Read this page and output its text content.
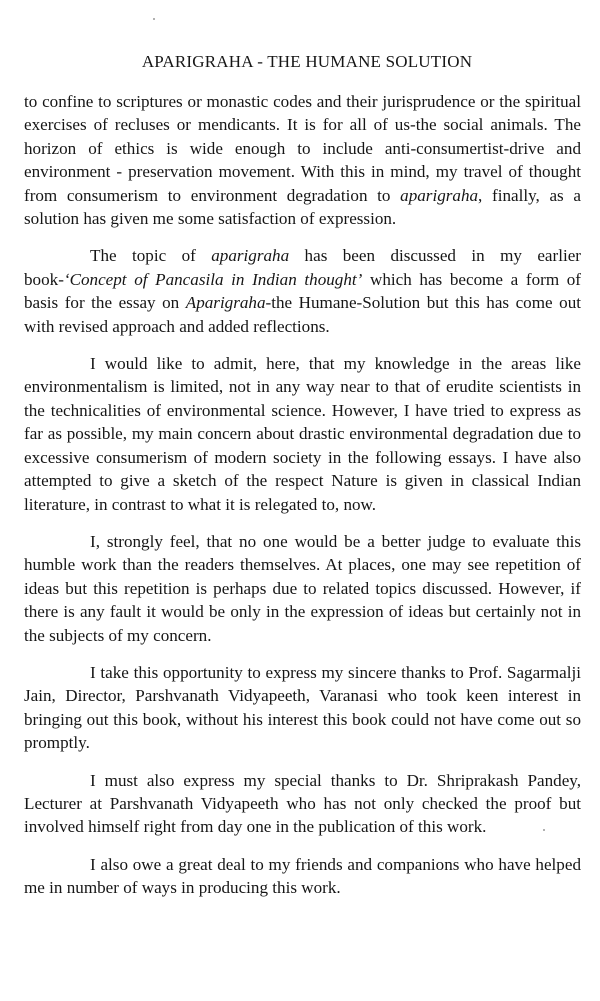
APARIGRAHA - THE HUMANE SOLUTION

to confine to scriptures or monastic codes and their jurisprudence or the spiritual exercises of recluses or mendicants. It is for all of us-the social animals. The horizon of ethics is wide enough to include anti-consumertist-drive and environment - preservation movement. With this in mind, my travel of thought from consumerism to environment degradation to aparigraha, finally, as a solution has given me some satisfaction of expression.

The topic of aparigraha has been discussed in my earlier book-‘Concept of Pancasila in Indian thought’ which has become a form of basis for the essay on Aparigraha-the Humane-Solution but this has come out with revised approach and added reflections.

I would like to admit, here, that my knowledge in the areas like environmentalism is limited, not in any way near to that of erudite scientists in the technicalities of environmental science. However, I have tried to express as far as possible, my main concern about drastic environmental degradation due to excessive consumerism of modern society in the following essays. I have also attempted to give a sketch of the respect Nature is given in classical Indian literature, in contrast to what it is relegated to, now.

I, strongly feel, that no one would be a better judge to evaluate this humble work than the readers themselves. At places, one may see repetition of ideas but this repetition is perhaps due to related topics discussed. However, if there is any fault it would be only in the expression of ideas but certainly not in the subjects of my concern.

I take this opportunity to express my sincere thanks to Prof. Sagarmalji Jain, Director, Parshvanath Vidyapeeth, Varanasi who took keen interest in bringing out this book, without his interest this book could not have come out so promptly.

I must also express my special thanks to Dr. Shriprakash Pandey, Lecturer at Parshvanath Vidyapeeth who has not only checked the proof but involved himself right from day one in the publication of this work.

I also owe a great deal to my friends and companions who have helped me in number of ways in producing this work.
